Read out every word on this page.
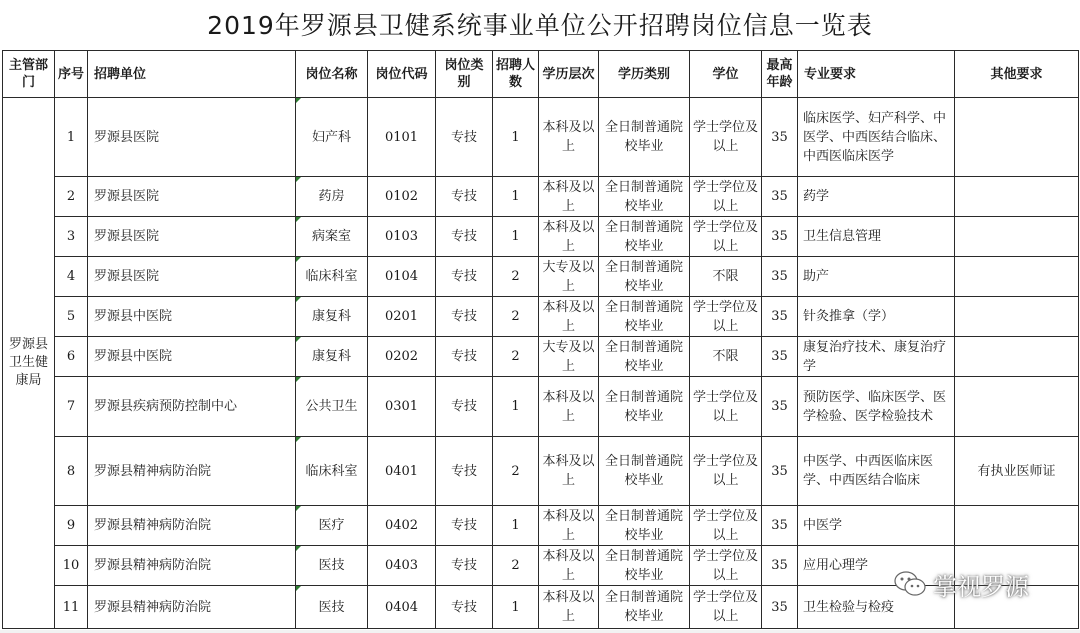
2019年罗源县卫健系统事业单位公开招聘岗位信息一览表
主管部门	序号	招聘单位	岗位名称	岗位代码	岗位类别	招聘人数	学历层次	学历类别	学位	最高年龄	专业要求	其他要求
罗源县卫生健康局	1	罗源县医院	妇产科	0101	专技	1	本科及以上	全日制普通院校毕业	学士学位及以上	35	临床医学、妇产科学、中医学、中西医结合临床、中西医临床医学	
	2	罗源县医院	药房	0102	专技	1	本科及以上	全日制普通院校毕业	学士学位及以上	35	药学	
	3	罗源县医院	病案室	0103	专技	1	本科及以上	全日制普通院校毕业	学士学位及以上	35	卫生信息管理	
	4	罗源县医院	临床科室	0104	专技	2	大专及以上	全日制普通院校毕业	不限	35	助产	
	5	罗源县中医院	康复科	0201	专技	2	本科及以上	全日制普通院校毕业	学士学位及以上	35	针灸推拿（学）	
	6	罗源县中医院	康复科	0202	专技	2	大专及以上	全日制普通院校毕业	不限	35	康复治疗技术、康复治疗学	
	7	罗源县疾病预防控制中心	公共卫生	0301	专技	1	本科及以上	全日制普通院校毕业	学士学位及以上	35	预防医学、临床医学、医学检验、医学检验技术	
	8	罗源县精神病防治院	临床科室	0401	专技	2	本科及以上	全日制普通院校毕业	学士学位及以上	35	中医学、中西医临床医学、中西医结合临床	有执业医师证
	9	罗源县精神病防治院	医疗	0402	专技	1	本科及以上	全日制普通院校毕业	学士学位及以上	35	中医学	
	10	罗源县精神病防治院	医技	0403	专技	2	本科及以上	全日制普通院校毕业	学士学位及以上	35	应用心理学	
	11	罗源县精神病防治院	医技	0404	专技	1	本科及以上	全日制普通院校毕业	学士学位及以上	35	卫生检验与检疫	
掌视罗源
